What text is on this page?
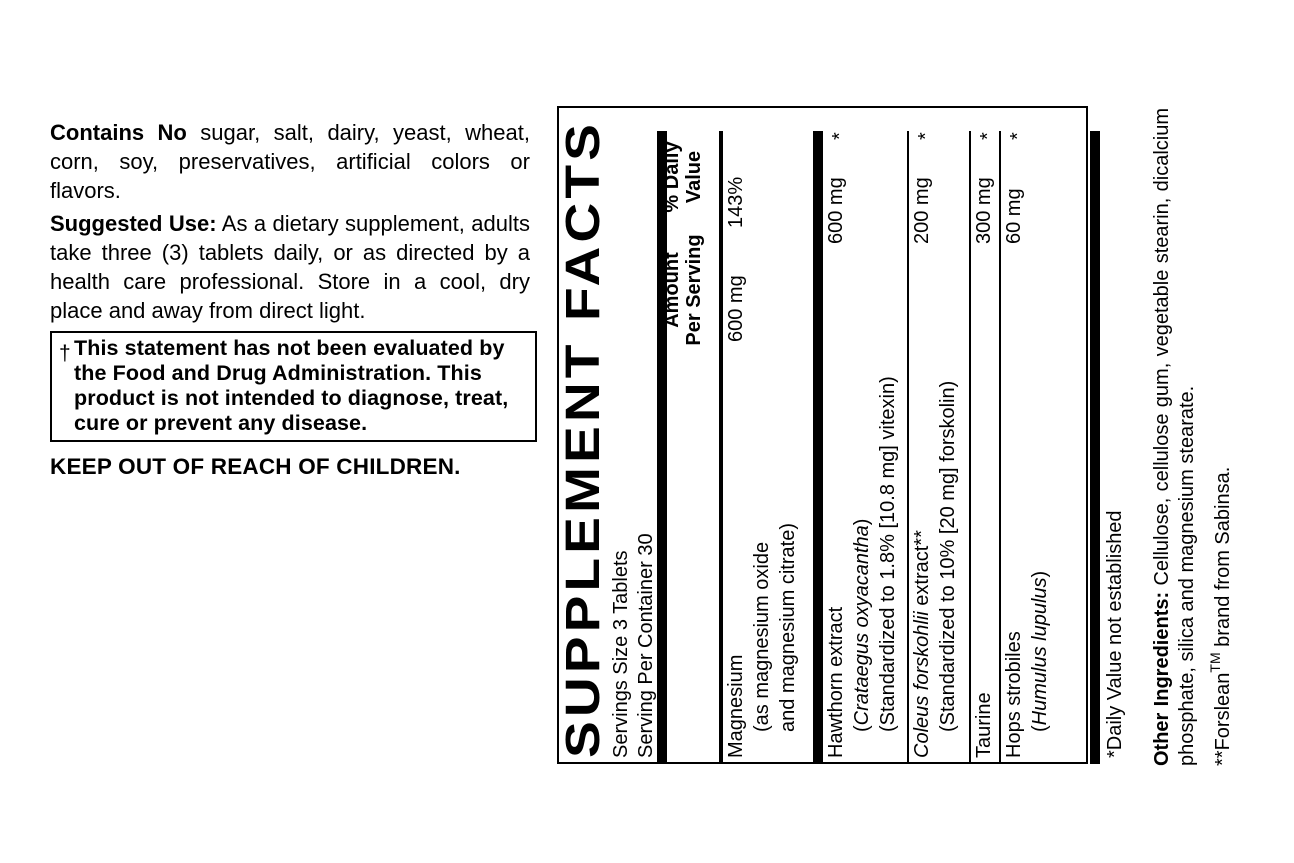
Contains No sugar, salt, dairy, yeast, wheat, corn, soy, preservatives, artificial colors or flavors.

Suggested Use: As a dietary supplement, adults take three (3) tablets daily, or as directed by a health care professional. Store in a cool, dry place and away from direct light.

† This statement has not been evaluated by the Food and Drug Administration. This product is not intended to diagnose, treat, cure or prevent any disease.
KEEP OUT OF REACH OF CHILDREN.	SUPPLEMENT FACTS Servings Size 3 Tablets Serving Per Container 30
Amount Per Serving
% Daily Value
Magnesium (as magnesium oxide and magnesium citrate)
600 mg
143%
Hawthorn extract (Crataegus oxyacantha) (Standardized to 1.8% [10.8 mg] vitexin)
600 mg
*
Coleus forskohlii extract** (Standardized to 10% [20 mg] forskolin)
200 mg
*
Taurine
300 mg
*
Hops strobiles (Humulus lupulus)
60 mg
*
*Daily Value not established Other Ingredients: Cellulose, cellulose gum, vegetable stearin, dicalcium phosphate, silica and magnesium stearate. **Forslean™ brand from Sabinsa.
